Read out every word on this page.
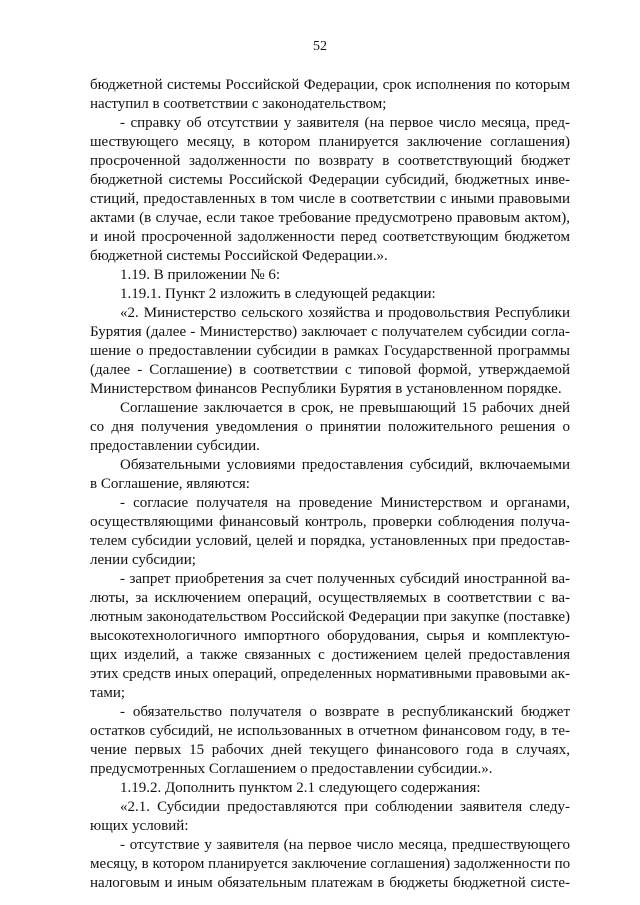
52
бюджетной системы Российской Федерации, срок исполнения по которым
наступил в соответствии с законодательством;
- справку об отсутствии у заявителя (на первое число месяца, пред-
шествующего месяцу, в котором планируется заключение соглашения)
просроченной задолженности по возврату в соответствующий бюджет
бюджетной системы Российской Федерации субсидий, бюджетных инве-
стиций, предоставленных в том числе в соответствии с иными правовыми
актами (в случае, если такое требование предусмотрено правовым актом),
и иной просроченной задолженности перед соответствующим бюджетом
бюджетной системы Российской Федерации.».
1.19. В приложении № 6:
1.19.1. Пункт 2 изложить в следующей редакции:
«2. Министерство сельского хозяйства и продовольствия Республики
Бурятия (далее - Министерство) заключает с получателем субсидии согла-
шение о предоставлении субсидии в рамках Государственной программы
(далее - Соглашение) в соответствии с типовой формой, утверждаемой
Министерством финансов Республики Бурятия в установленном порядке.
Соглашение заключается в срок, не превышающий 15 рабочих дней
со дня получения уведомления о принятии положительного решения о
предоставлении субсидии.
Обязательными условиями предоставления субсидий, включаемыми
в Соглашение, являются:
- согласие получателя на проведение Министерством и органами,
осуществляющими финансовый контроль, проверки соблюдения получа-
телем субсидии условий, целей и порядка, установленных при предостав-
лении субсидии;
- запрет приобретения за счет полученных субсидий иностранной ва-
люты, за исключением операций, осуществляемых в соответствии с ва-
лютным законодательством Российской Федерации при закупке (поставке)
высокотехнологичного импортного оборудования, сырья и комплектую-
щих изделий, а также связанных с достижением целей предоставления
этих средств иных операций, определенных нормативными правовыми ак-
тами;
- обязательство получателя о возврате в республиканский бюджет
остатков субсидий, не использованных в отчетном финансовом году, в те-
чение первых 15 рабочих дней текущего финансового года в случаях,
предусмотренных Соглашением о предоставлении субсидии.».
1.19.2. Дополнить пунктом 2.1 следующего содержания:
«2.1. Субсидии предоставляются при соблюдении заявителя следу-
ющих условий:
- отсутствие у заявителя (на первое число месяца, предшествующего
месяцу, в котором планируется заключение соглашения) задолженности по
налоговым и иным обязательным платежам в бюджеты бюджетной систе-
